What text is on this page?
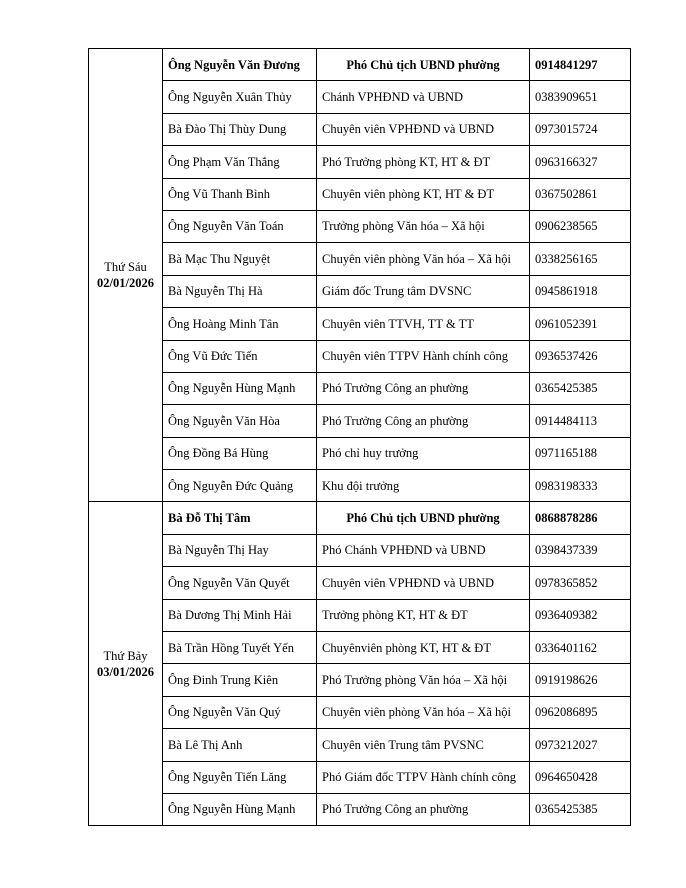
Thứ Sáu
02/01/2026	Ông Nguyễn Văn Đương	Phó Chủ tịch UBND phường	0914841297
	Ông Nguyễn Xuân Thủy	Chánh VPHĐND và UBND	0383909651
	Bà Đào Thị Thùy Dung	Chuyên viên VPHĐND và UBND	0973015724
	Ông Phạm Văn Thắng	Phó Trưởng phòng KT, HT & ĐT	0963166327
	Ông Vũ Thanh Bình	Chuyên viên phòng KT, HT & ĐT	0367502861
	Ông Nguyễn Văn Toán	Trưởng phòng Văn hóa – Xã hội	0906238565
	Bà Mạc Thu Nguyệt	Chuyên viên phòng Văn hóa – Xã hội	0338256165
	Bà Nguyễn Thị Hà	Giám đốc Trung tâm DVSNC	0945861918
	Ông Hoàng Minh Tân	Chuyên viên TTVH, TT & TT	0961052391
	Ông Vũ Đức Tiến	Chuyên viên TTPV Hành chính công	0936537426
	Ông Nguyễn Hùng Mạnh	Phó Trưởng Công an phường	0365425385
	Ông Nguyễn Văn Hòa	Phó Trưởng Công an phường	0914484113
	Ông Đồng Bá Hùng	Phó chỉ huy trưởng	0971165188
	Ông Nguyễn Đức Quảng	Khu đội trưởng	0983198333

Thứ Bảy
03/01/2026	Bà Đỗ Thị Tâm	Phó Chủ tịch UBND phường	0868878286
	Bà Nguyễn Thị Hay	Phó Chánh VPHĐND và UBND	0398437339
	Ông Nguyễn Văn Quyết	Chuyên viên VPHĐND và UBND	0978365852
	Bà Dương Thị Minh Hải	Trưởng phòng KT, HT & ĐT	0936409382
	Bà Trần Hồng Tuyết Yến	Chuyênviên phòng KT, HT & ĐT	0336401162
	Ông Đinh Trung Kiên	Phó Trưởng phòng Văn hóa – Xã hội	0919198626
	Ông Nguyễn Văn Quý	Chuyên viên phòng Văn hóa – Xã hội	0962086895
	Bà Lê Thị Anh	Chuyên viên Trung tâm PVSNC	0973212027
	Ông Nguyễn Tiến Lăng	Phó Giám đốc TTPV Hành chính công	0964650428
	Ông Nguyễn Hùng Mạnh	Phó Trưởng Công an phường	0365425385
